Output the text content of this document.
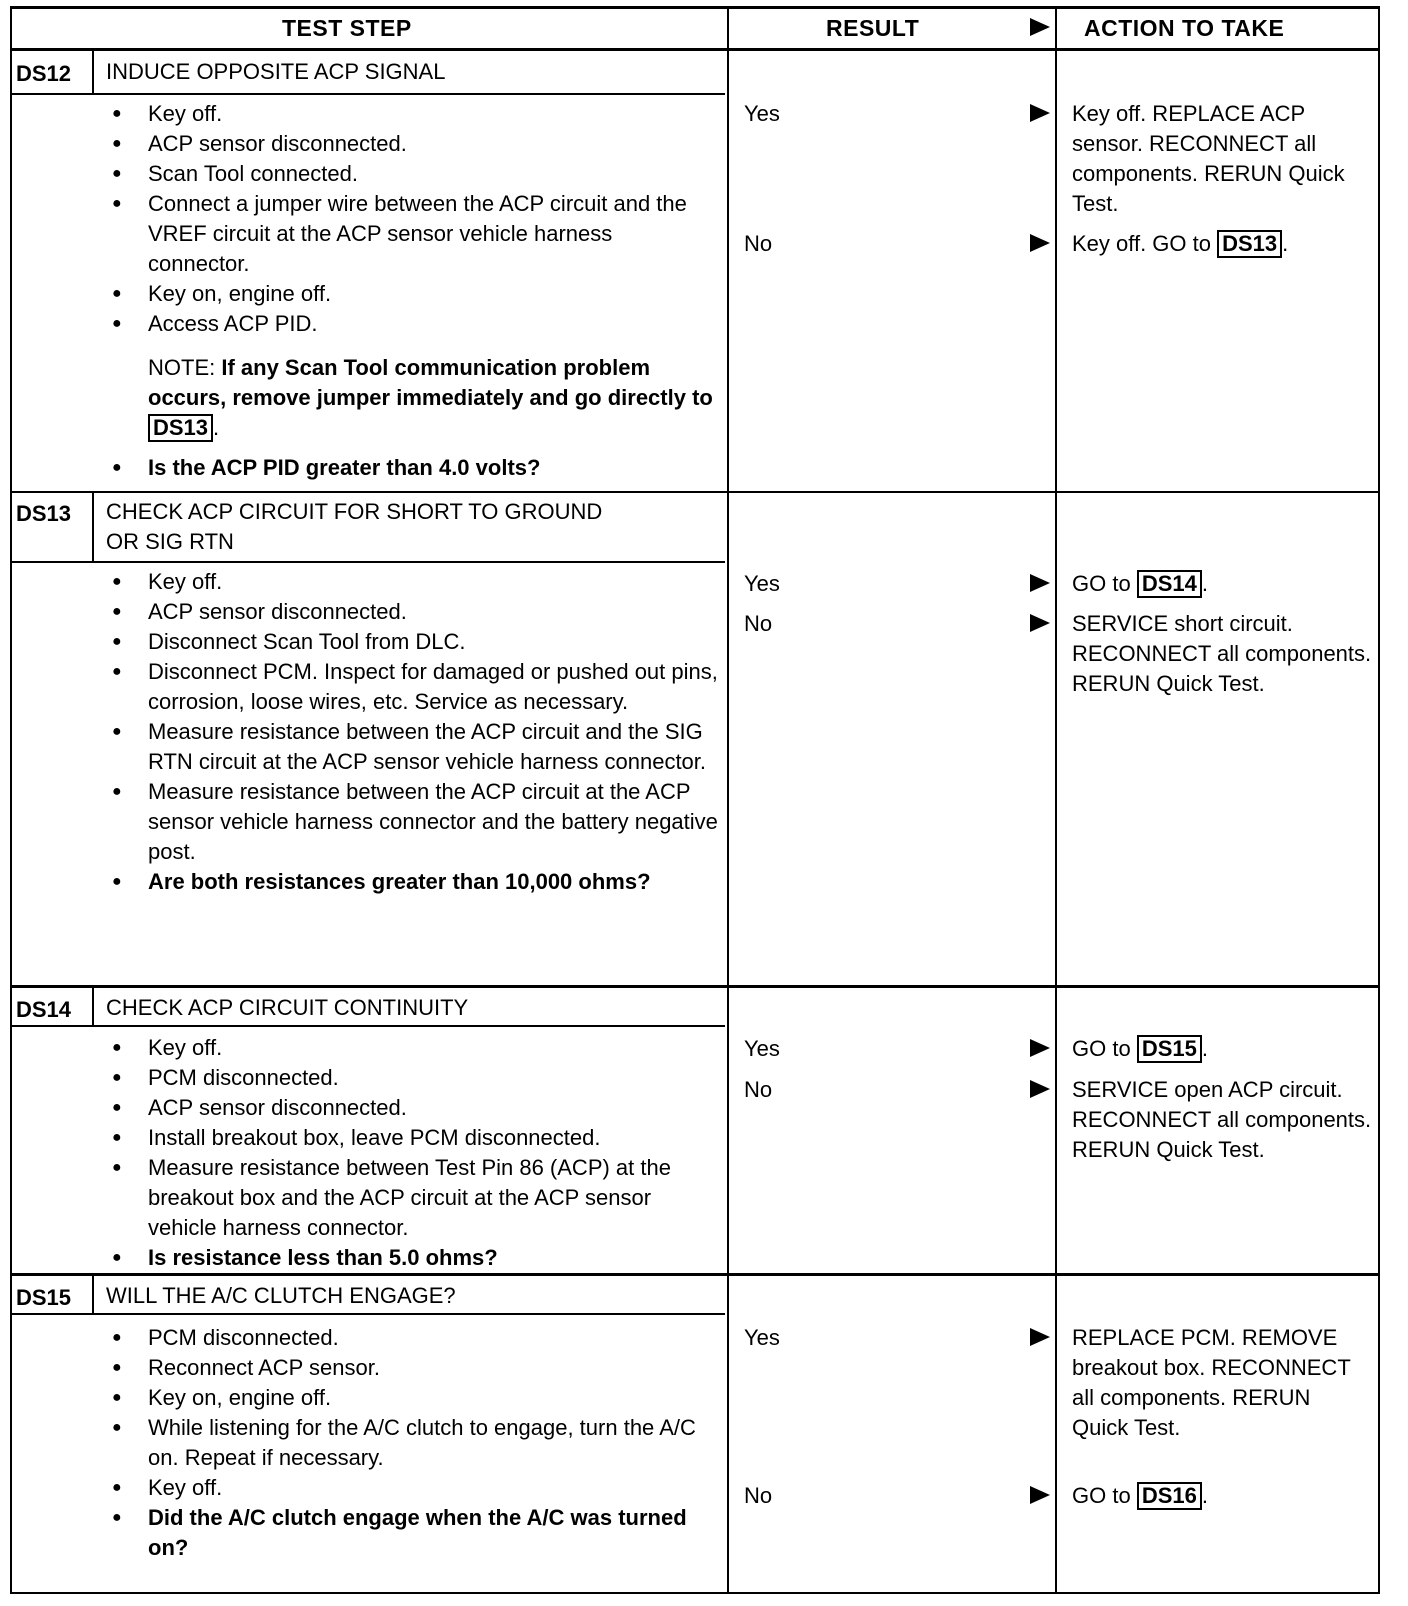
TEST STEP	RESULT	ACTION TO TAKE
DS12	INDUCE OPPOSITE ACP SIGNAL
● Key off.
● ACP sensor disconnected.
● Scan Tool connected.
● Connect a jumper wire between the ACP circuit and the VREF circuit at the ACP sensor vehicle harness connector.
● Key on, engine off.
● Access ACP PID.
NOTE: If any Scan Tool communication problem occurs, remove jumper immediately and go directly to DS13 .
● Is the ACP PID greater than 4.0 volts?
Yes	Key off. REPLACE ACP sensor. RECONNECT all components. RERUN Quick Test.
No	Key off. GO to DS13 .
DS13	CHECK ACP CIRCUIT FOR SHORT TO GROUND
OR SIG RTN
● Key off.
● ACP sensor disconnected.
● Disconnect Scan Tool from DLC.
● Disconnect PCM. Inspect for damaged or pushed out pins, corrosion, loose wires, etc. Service as necessary.
● Measure resistance between the ACP circuit and the SIG RTN circuit at the ACP sensor vehicle harness connector.
● Measure resistance between the ACP circuit at the ACP sensor vehicle harness connector and the battery negative post.
● Are both resistances greater than 10,000 ohms?
Yes	GO to DS14 .
No	SERVICE short circuit. RECONNECT all components. RERUN Quick Test.
DS14	CHECK ACP CIRCUIT CONTINUITY
● Key off.
● PCM disconnected.
● ACP sensor disconnected.
● Install breakout box, leave PCM disconnected.
● Measure resistance between Test Pin 86 (ACP) at the breakout box and the ACP circuit at the ACP sensor vehicle harness connector.
● Is resistance less than 5.0 ohms?
Yes	GO to DS15 .
No	SERVICE open ACP circuit. RECONNECT all components. RERUN Quick Test.
DS15	WILL THE A/C CLUTCH ENGAGE?
● PCM disconnected.
● Reconnect ACP sensor.
● Key on, engine off.
● While listening for the A/C clutch to engage, turn the A/C on. Repeat if necessary.
● Key off.
● Did the A/C clutch engage when the A/C was turned on?
Yes	REPLACE PCM. REMOVE breakout box. RECONNECT all components. RERUN Quick Test.
No	GO to DS16 .
